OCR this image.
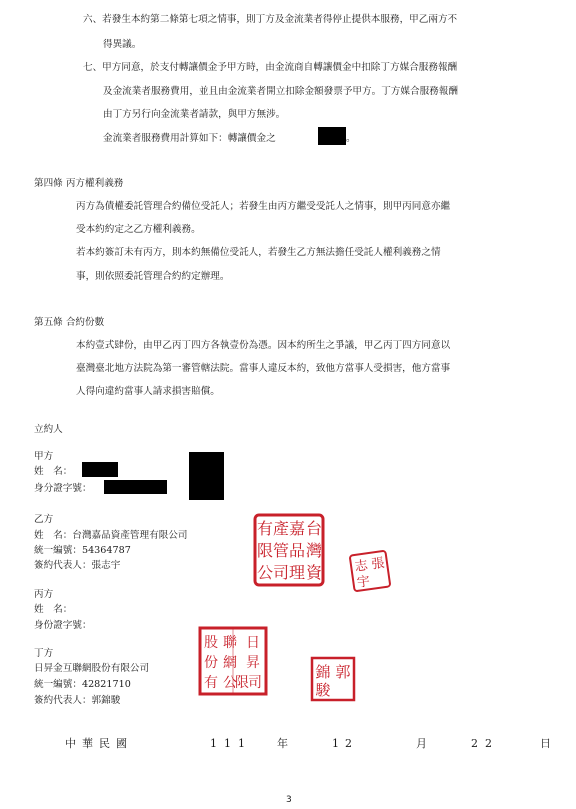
六、若發生本約第二條第七項之情事，則丁方及金流業者得停止提供本服務，甲乙兩方不
得異議。
七、甲方同意，於支付轉讓價金予甲方時，由金流商自轉讓價金中扣除丁方媒合服務報酬
及金流業者服務費用，並且由金流業者開立扣除金額發票予甲方。丁方媒合服務報酬
由丁方另行向金流業者請款，與甲方無涉。
金流業者服務費用計算如下：轉讓價金之	。
第四條 丙方權利義務
丙方為債權委託管理合約備位受託人；若發生由丙方繼受受託人之情事，則甲丙同意亦繼
受本約約定之乙方權利義務。
若本約簽訂未有丙方，則本約無備位受託人，若發生乙方無法擔任受託人權利義務之情
事，則依照委託管理合約約定辦理。
第五條 合約份數
本約壹式肆份，由甲乙丙丁四方各執壹份為憑。因本約所生之爭議，甲乙丙丁四方同意以
臺灣臺北地方法院為第一審管轄法院。當事人違反本約，致他方當事人受損害，他方當事
人得向違約當事人請求損害賠償。
立約人
甲方
姓　名：
身分證字號：
乙方
姓　名：台灣嘉品資產管理有限公司
統一編號：54364787
簽約代表人：張志宇
有 產 嘉 台
限 管 品 灣
公 司 理 資	張
志
宇
丙方
姓　名：
身份證字號：
丁方
日昇金互聯網股份有限公司
統一編號：42821710
簽約代表人：郭錦駿
股 聯 日
份 網 昇
有 公
限 司
郭
錦
駿
中 華 民 國	1 1 1	年	1 2	月	2 2	日
3
